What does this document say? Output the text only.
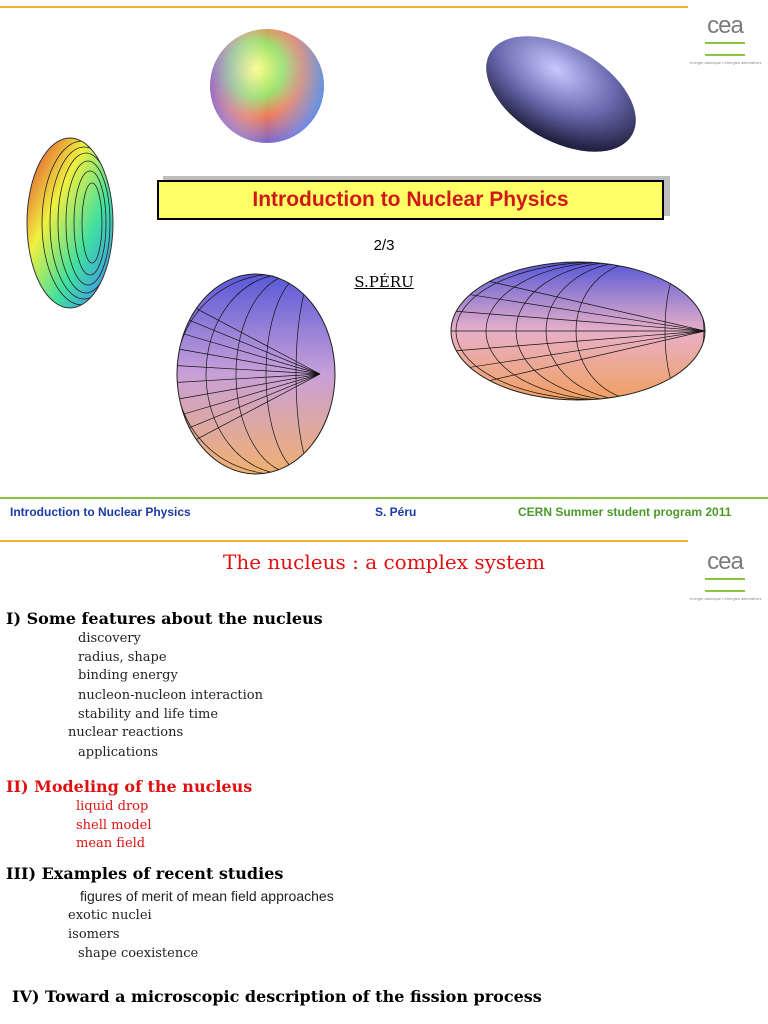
cea
énergie atomique • énergies alternatives
Introduction to Nuclear Physics
2/3
S.PÉRU
Introduction to Nuclear Physics	S. Péru	CERN Summer student program 2011
cea
énergie atomique • énergies alternatives
The nucleus : a complex system
I) Some features about the nucleus
discovery
radius, shape
binding energy
nucleon-nucleon interaction
stability and life time
nuclear reactions
applications
II) Modeling of the nucleus
liquid drop
shell model
mean field
III) Examples of recent studies
figures of merit of mean field approaches
exotic nuclei
isomers
shape coexistence
IV) Toward a microscopic description of the fission process
